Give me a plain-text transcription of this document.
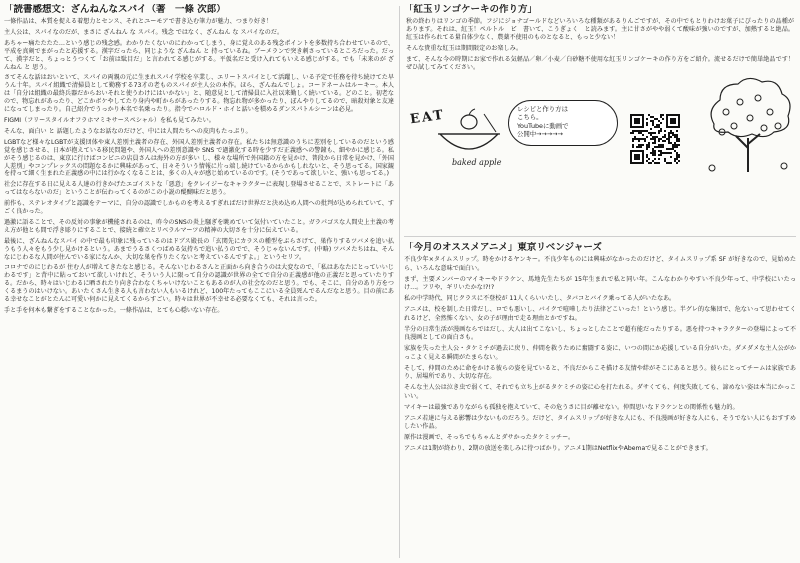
「読書感想文：ざんねんなスパイ（著　一條 次郎）

一條作品は、本質を捉える着想力とセンス、それとユーモアで書き込む筆力が魅力、つまり好き！

主人公は、スパイなのだが、まさに ざんねん な スパイ。残念 ではなく、ざんねん な スパイなのだ。

あちゃー痛たたたた…という感じの残念感。わかりたくないのにわかってしまう、身に覚えのある残念ポイントを多数持ち合わせているので、平成を真剣でまがったと応援する。漢字だったら、同じような ざんねん と 持っているね。ブーメランで突き刺さっているところだった。だって、漢字だと、ちょっとうつくて「お前は駄目だ」と言われてる感じがする。平仮名だと受け入れてもいえる感じがする。でも「未来のが ざんねん と 思う。

さてそんな話はおいといて、スパイの両親の元に生まれスパイ学校を卒業し、エリートスパイとして活躍し、いる予定で任務を待ち続けてた早うん十年。スパイ組織で清掃員として勤務する73才の老ものスパイが主人公の本作。ほら、ざんねんでしょ。コードネームはルーキー。本人は「自分は組織の最終兵器だからおいそれと使うわけにはいかない」と、随意見として清掃員に入社以来勤しく続いている。どのこと。初老なので、物忘れがあったり、どこかボケやしてたり身内や町からがあったりする。物忘れ物が多かったり、ぼんやりしてるので、暗殺対象と友達になってしまったり。自己紹介でうっかり本名で名乗ったり。指令でハロルド・ホイと話いを積めるダンスパトルシーンは必見。

FIGMI（フリースタイルオフラホマミキサースペシャル）を私も見てみたい。

そんな、面白い と 話題したようなお話なのだけど、中には人間たちへの皮肉もたっぷり。

LGBTなど様々なLGBTが支援団体や東人差別主義者の存在、外国人差別主義者の存在。私たちは無意識のうちに差別をしているのだという感覚を感じさせる、日本が抱えている移民問題や、外国人への差別意識や SNS で過激化する時を少すだ正義感への警鐘も、細やかに感じる。私がそう感じるのは、東京に行けばコンビニの店員さんは海外の方が多い し、様々な場所で外国籍の方を見かけ、普段から日常を見かけ、「外国人差別」やコンプレックスの問題なるかに興味があって、日々そういう情報に片っ端し続けているからかもしれないと、そう思ってる。国家観を持って細く生まれた正義感の中には行かなくなることは、多くの人々が感じ始めているのです。(そうであって欲しいと、強いも思ってる。)

社会に存在する日に見える人達の行きかげたエゴイストな「悪意」をクレイジーなキャラクターに表現し登場させることで、ストレートに「あってはならないのだ」ということが伝わってくるのがこの小説の醍醐味だと思う。

前作も、ステレオタイプと認識をテーマに、自分の認識でしかものを考えるすぎればだけ世界だと決め込め人間への批判が込められていて、すごく良かった。

過激に語ることで、その反対の事象が機能されるのは、昨今のSNSの炎上騒ぎを眺めていて気付いていたこと。ガラパゴスな人間史上主義の考え方が他とも間で浮き彫りにすることで、接続と確立とリベラルマーツの精神の大切さを十分に伝えている。

最後に、ざんねんなスパイ の中で最も印象に残っているのはドブス殿長の「玄関先にカラスの種型をぶらさげて、巣作りするツバメを追い払うもう人々をもう少し見かけるという。あまでうるさくつばめる気持ちで追い払うのでで、そうじゃないんです。(中略) ツバメたちはね、そんなにじわるな人間が住んでいる家になんか、大切な巣を作りたくないと考えているんですよ。」というセリフ。

コロナでのにじわるが 住む人が増えてきたなと感じる。そんないじわるさんと正面から向き合うのは大変なので、「私はあなたにとっていいじわるです」と背中に貼っておいて欲しいけれど、そういう人に限って自分の認識が世界の全てで自分の正義感が他の正義だと思っていたりする。だから、時々はいじわるに晒されたり向き合わなくちゃいけないこともあるのが人の社会なのだと思う。でも、そこに、自分のあり方をつくるまうのはいけない。あいたくさん生きる人も言わない人もいるけれど、100年たってもここにいる全員死んでるんだなと思う。目の前にある幸せなことがとたんに可愛い何かに見えてくるからすごい。時々は世界が不幸せる必要なくても、それは言った。

手と手を何本も繋ぎをすることなかった。一條作品は、とても心穏いない存在。

「紅玉リンゴケーキの作り方」

秋の終わりはリンゴの季節。フジにジョナゴールドなどいろいろな種類があるりんごですが、その中でもとりわけお菓子にぴったりの品種があります。それは、紅玉！ペルトル　ピ　書いて、こうぎょく　と読みます。主に甘さがやや弱くて酸味が強いのですが、加熱すると絶品。紅玉は作られてる量自体少なく、農薬不使用のものとなると、もっと少ない！

そんな貴重な紅玉は期間限定のお楽しみ。

まて、そんな今の時期にお家で作れる気軽品／卵／小麦／白砂糖不使用な紅玉リンゴケーキの作り方をご紹介。流せるだけで簡単絶品です！ぜひ試してみてください。

EAT
baked apple
レシピと作り方は
こちら。
YouTubeに動画で
公開中→→→→→
「今月のオススメアニメ」東京リベンジャーズ

不良少年×タイムスリップ。時をかけるヤンキー。不良少年ものには興味がなかったのだけど、タイムスリップ系 SF が好きなので、見始めたら、いろんな意味で面白い。

まず、主要メンバーのマイキーやドラケン、馬地先生たちが 15年生まれで私と同い年。こんなわかりやすい不良少年って、中学校にいたっけ…。フリや、ギリいたかな!?!?

私の中学時代、同じクラスに不登校が 11人くらいいたし、タバコとバイク乗ってる人がいたなあ。

アニメは、校を制した日常だし、ロでも悪いし、バイクで喧嘩したり法律どこいった！という感じ。半グレ的な集団で、危ないって思わせてくれるけど、全然怖くない、女の子が理由で走る理由とかですね。

半分の日常生活が漫画ならではだし、大人は出てこないし、ちょっとしたことで超有能だったりする。悪を持つキャラクターの登場によって不良漫画としての面白さも。

家族を失った主人公・タケミチが過去に戻り、仲間を救うために奮闘する姿に、いつの間にか応援している自分がいた。ダメダメな主人公がかっこよく見える瞬間がたまらない。

そして、仲間のために命をかける彼らの姿を見ていると、不良だからこそ描ける友情や絆がそこにあると思う。彼らにとってチームは家族であり、居場所であり、大切な存在。

そんな主人公は泣き虫で弱くて、それでも立ち上がるタケミチの姿に心を打たれる。ダサくても、何度失敗しても、諦めない姿は本当にかっこいい。

マイキーは最強でありながらも孤独を抱えていて、その危うさに目が離せない。仲間思いなドラケンとの関係性も魅力的。

アニメ若達に与える影響は少ないものだろう。だけど、タイムスリップが好きな人にも、不良漫画が好きな人にも、そうでない人にもおすすめしたい作品。

原作は漫画で、そっちでもちゃんとダサかったタケミッチー。

アニメは1期が終わり、2期の放送を楽しみに待つばかり。アニメ1期はNetflixやAbemaで見ることができます。
